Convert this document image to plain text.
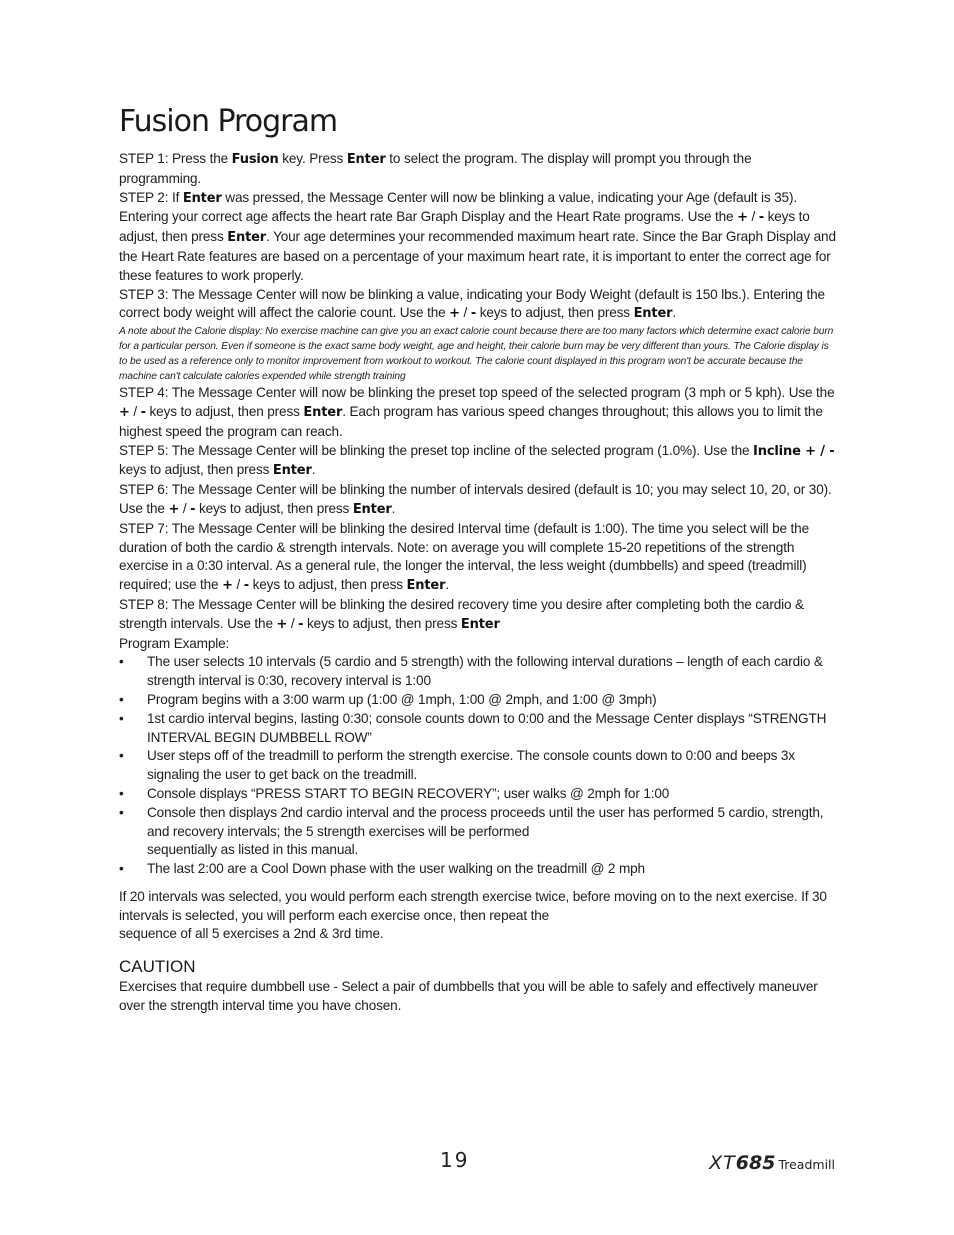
Fusion Program

STEP 1: Press the Fusion key. Press Enter to select the program. The display will prompt you through the programming.

STEP 2: If Enter was pressed, the Message Center will now be blinking a value, indicating your Age (default is 35). Entering your correct age affects the heart rate Bar Graph Display and the Heart Rate programs. Use the + / - keys to adjust, then press Enter. Your age determines your recommended maximum heart rate. Since the Bar Graph Display and the Heart Rate features are based on a percentage of your maximum heart rate, it is important to enter the correct age for these features to work properly.

STEP 3: The Message Center will now be blinking a value, indicating your Body Weight (default is 150 lbs.). Entering the correct body weight will affect the calorie count. Use the + / - keys to adjust, then press Enter.

A note about the Calorie display: No exercise machine can give you an exact calorie count because there are too many factors which determine exact calorie burn for a particular person. Even if someone is the exact same body weight, age and height, their calorie burn may be very different than yours. The Calorie display is to be used as a reference only to monitor improvement from workout to workout. The calorie count displayed in this program won't be accurate because the machine can't calculate calories expended while strength training

STEP 4: The Message Center will now be blinking the preset top speed of the selected program (3 mph or 5 kph). Use the + / - keys to adjust, then press Enter. Each program has various speed changes throughout; this allows you to limit the highest speed the program can reach.

STEP 5: The Message Center will be blinking the preset top incline of the selected program (1.0%). Use the Incline + / - keys to adjust, then press Enter.

STEP 6: The Message Center will be blinking the number of intervals desired (default is 10; you may select 10, 20, or 30). Use the + / - keys to adjust, then press Enter.

STEP 7: The Message Center will be blinking the desired Interval time (default is 1:00). The time you select will be the duration of both the cardio & strength intervals. Note: on average you will complete 15-20 repetitions of the strength exercise in a 0:30 interval. As a general rule, the longer the interval, the less weight (dumbbells) and speed (treadmill) required; use the + / - keys to adjust, then press Enter.

STEP 8: The Message Center will be blinking the desired recovery time you desire after completing both the cardio & strength intervals. Use the + / - keys to adjust, then press Enter

Program Example:

• The user selects 10 intervals (5 cardio and 5 strength) with the following interval durations – length of each cardio & strength interval is 0:30, recovery interval is 1:00
• Program begins with a 3:00 warm up (1:00 @ 1mph, 1:00 @ 2mph, and 1:00 @ 3mph)
• 1st cardio interval begins, lasting 0:30; console counts down to 0:00 and the Message Center displays “STRENGTH INTERVAL BEGIN DUMBBELL ROW”
• User steps off of the treadmill to perform the strength exercise. The console counts down to 0:00 and beeps 3x signaling the user to get back on the treadmill.
• Console displays “PRESS START TO BEGIN RECOVERY”; user walks @ 2mph for 1:00
• Console then displays 2nd cardio interval and the process proceeds until the user has performed 5 cardio, strength, and recovery intervals; the 5 strength exercises will be performed
sequentially as listed in this manual.
• The last 2:00 are a Cool Down phase with the user walking on the treadmill @ 2 mph

If 20 intervals was selected, you would perform each strength exercise twice, before moving on to the next exercise. If 30 intervals is selected, you will perform each exercise once, then repeat the
sequence of all 5 exercises a 2nd & 3rd time.

CAUTION

Exercises that require dumbbell use - Select a pair of dumbbells that you will be able to safely and effectively maneuver over the strength interval time you have chosen.

19	XT685 Treadmill
